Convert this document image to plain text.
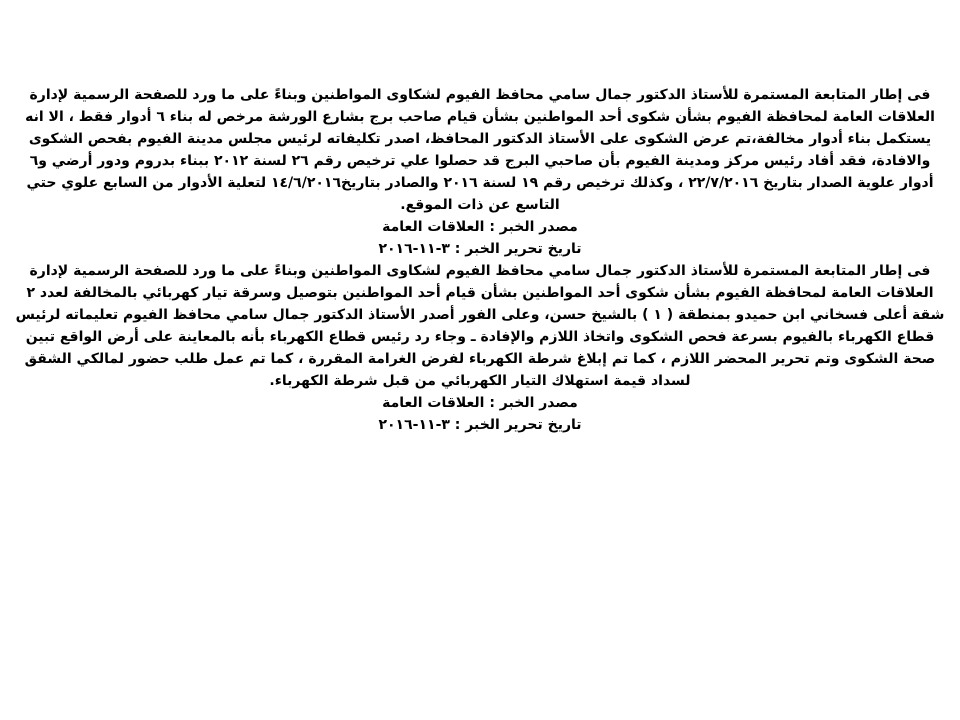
فى إطار المتابعة المستمرة للأستاذ الدكتور جمال سامي محافظ الفيوم لشكاوى المواطنين وبناءً على ما ورد للصفحة الرسمية لإدارة العلاقات العامة لمحافظة الفيوم بشأن شكوى أحد المواطنين بشأن قيام صاحب برج بشارع الورشة مرخص له بناء ٦ أدوار فقط ، الا انه يستكمل بناء أدوار مخالفة،تم عرض الشكوى على الأستاذ الدكتور المحافظ، اصدر تكليفاته لرئيس مجلس مدينة الفيوم بفحص الشكوى والافادة، فقد أفاد رئيس مركز ومدينة الفيوم بأن صاحبي البرج قد حصلوا علي ترخيص رقم ٢٦ لسنة ٢٠١٢ ببناء بدروم ودور أرضي و٦ أدوار علوية الصدار بتاريخ ٢٢/٧/٢٠١٦ ، وكذلك ترخيص رقم ١٩ لسنة ٢٠١٦ والصادر بتاريخ١٤/٦/٢٠١٦ لتعلية الأدوار من السابع علوي حتي التاسع عن ذات الموقع.

مصدر الخبر : العلاقات العامة

تاريخ تحرير الخبر : ٣-١١-٢٠١٦

فى إطار المتابعة المستمرة للأستاذ الدكتور جمال سامي محافظ الفيوم لشكاوى المواطنين وبناءً على ما ورد للصفحة الرسمية لإدارة العلاقات العامة لمحافظة الفيوم بشأن شكوى أحد المواطنين بشأن قيام أحد المواطنين بتوصيل وسرقة تيار كهربائي بالمخالفة لعدد ٢ شقة أعلى فسخاني ابن حميدو بمنطقة ( ١ ) بالشيخ حسن، وعلى الفور أصدر الأستاذ الدكتور جمال سامي محافظ الفيوم تعليماته لرئيس قطاع الكهرباء بالفيوم بسرعة فحص الشكوى واتخاذ اللازم والإفادة ـ وجاء رد رئيس قطاع الكهرباء بأنه بالمعاينة على أرض الواقع تبين صحة الشكوى وتم تحرير المحضر اللازم ، كما تم إبلاغ شرطة الكهرباء لفرض الغرامة المقررة ، كما تم عمل طلب حضور لمالكي الشقق لسداد قيمة استهلاك التيار الكهربائي من قبل شرطة الكهرباء.

مصدر الخبر : العلاقات العامة

تاريخ تحرير الخبر : ٣-١١-٢٠١٦
